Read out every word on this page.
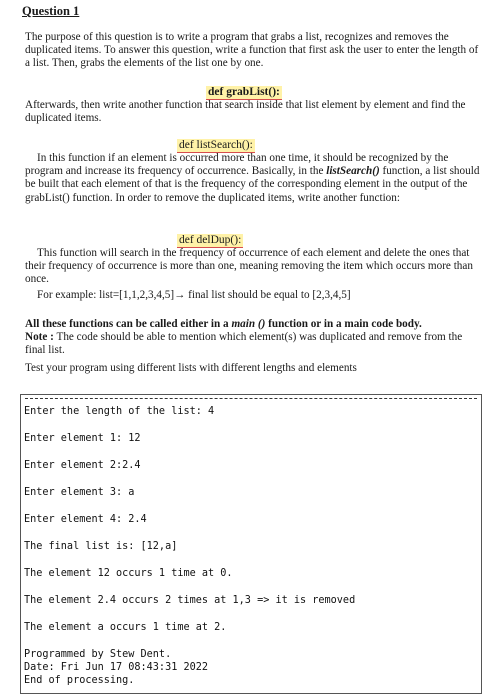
Question 1

The purpose of this question is to write a program that grabs a list, recognizes and removes the duplicated items. To answer this question, write a function that first ask the user to enter the length of a list. Then, grabs the elements of the list one by one.

def grabList():

Afterwards, then write another function that search inside that list element by element and find the duplicated items.

def listSearch():

In this function if an element is occurred more than one time, it should be recognized by the program and increase its frequency of occurrence. Basically, in the listSearch() function, a list should be built that each element of that is the frequency of the corresponding element in the output of the grabList() function. In order to remove the duplicated items, write another function:

def delDup():

This function will search in the frequency of occurrence of each element and delete the ones that their frequency of occurrence is more than one, meaning removing the item which occurs more than once.

For example: list=[1,1,2,3,4,5]→ final list should be equal to [2,3,4,5]

All these functions can be called either in a main () function or in a main code body.
Note : The code should be able to mention which element(s) was duplicated and remove from the final list.

Test your program using different lists with different lengths and elements

Enter the length of the list: 4
Enter element 1: 12
Enter element 2:2.4
Enter element 3: a
Enter element 4: 2.4
The final list is: [12,a]
The element 12 occurs 1 time at 0.
The element 2.4 occurs 2 times at 1,3 => it is removed
The element a occurs 1 time at 2.
Programmed by Stew Dent.
Date: Fri Jun 17 08:43:31 2022
End of processing.
